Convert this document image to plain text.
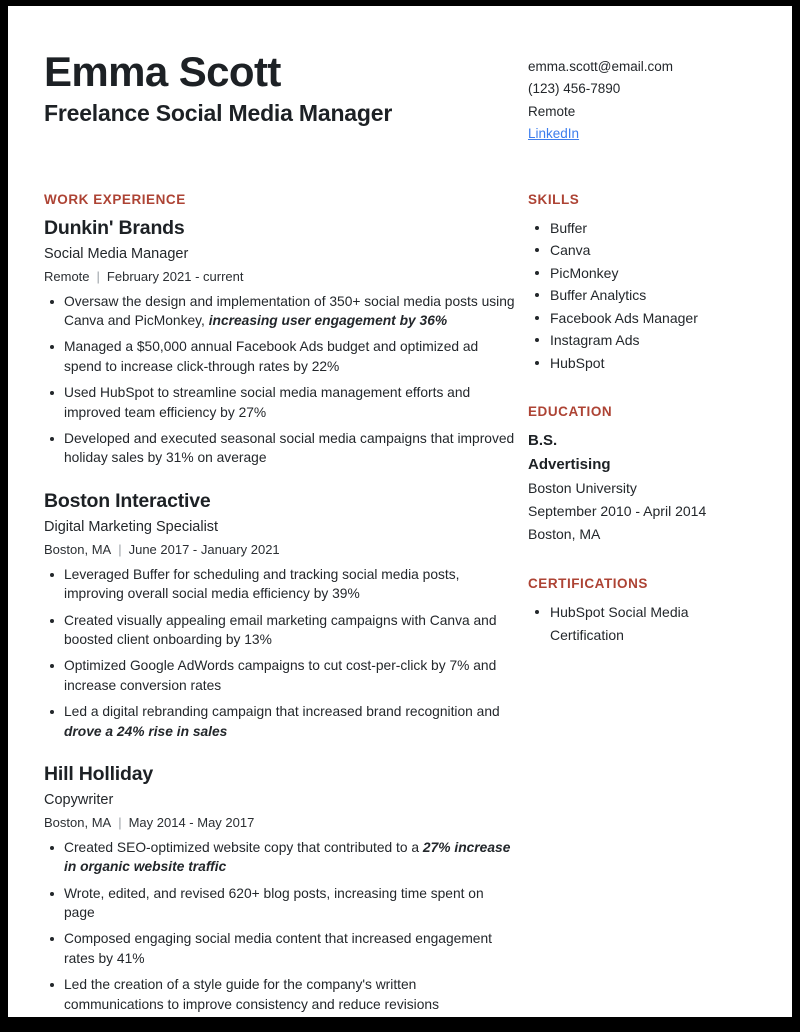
Emma Scott
Freelance Social Media Manager
emma.scott@email.com
(123) 456-7890
Remote
LinkedIn
WORK EXPERIENCE
Dunkin' Brands
Social Media Manager
Remote | February 2021 - current
Oversaw the design and implementation of 350+ social media posts using Canva and PicMonkey, increasing user engagement by 36%
Managed a $50,000 annual Facebook Ads budget and optimized ad spend to increase click-through rates by 22%
Used HubSpot to streamline social media management efforts and improved team efficiency by 27%
Developed and executed seasonal social media campaigns that improved holiday sales by 31% on average
Boston Interactive
Digital Marketing Specialist
Boston, MA | June 2017 - January 2021
Leveraged Buffer for scheduling and tracking social media posts, improving overall social media efficiency by 39%
Created visually appealing email marketing campaigns with Canva and boosted client onboarding by 13%
Optimized Google AdWords campaigns to cut cost-per-click by 7% and increase conversion rates
Led a digital rebranding campaign that increased brand recognition and drove a 24% rise in sales
Hill Holliday
Copywriter
Boston, MA | May 2014 - May 2017
Created SEO-optimized website copy that contributed to a 27% increase in organic website traffic
Wrote, edited, and revised 620+ blog posts, increasing time spent on page
Composed engaging social media content that increased engagement rates by 41%
Led the creation of a style guide for the company's written communications to improve consistency and reduce revisions
SKILLS
Buffer
Canva
PicMonkey
Buffer Analytics
Facebook Ads Manager
Instagram Ads
HubSpot
EDUCATION
B.S.
Advertising
Boston University
September 2010 - April 2014
Boston, MA
CERTIFICATIONS
HubSpot Social Media Certification
